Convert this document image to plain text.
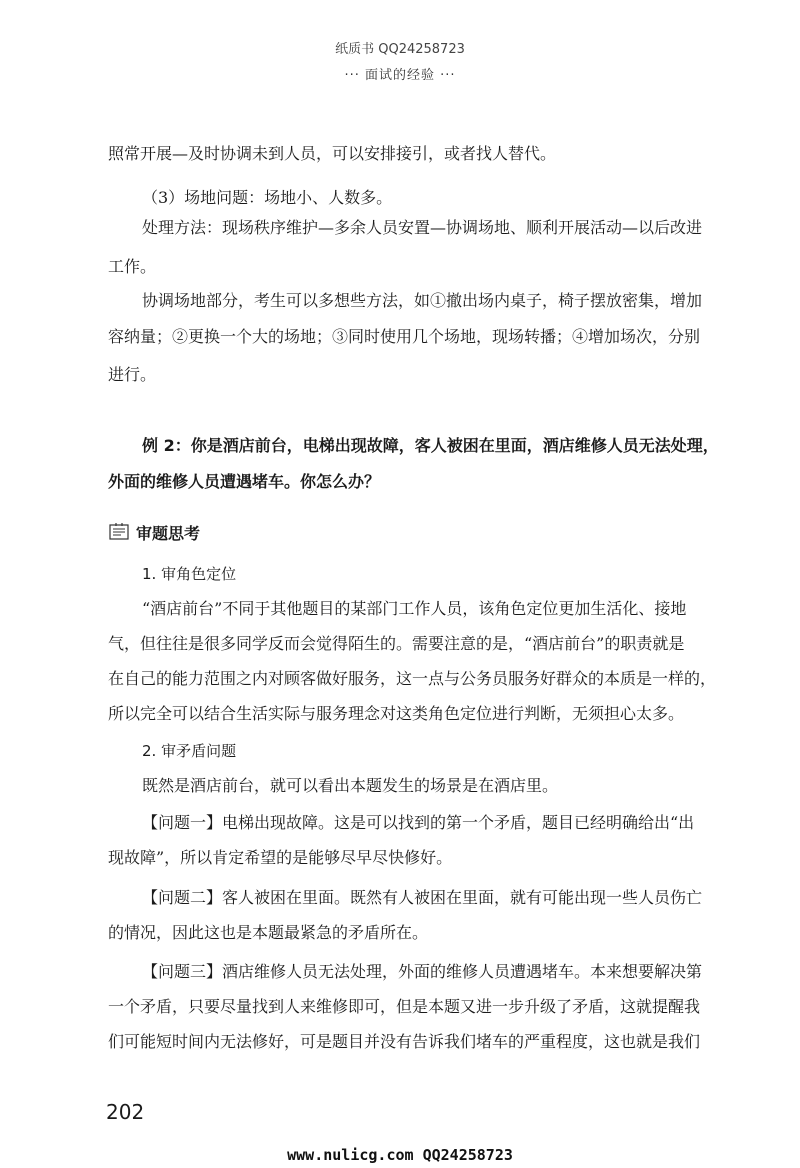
纸质书 QQ24258723
··· 面试的经验 ···
照常开展—及时协调未到人员，可以安排接引，或者找人替代。
（3）场地问题：场地小、人数多。
处理方法：现场秩序维护—多余人员安置—协调场地、顺利开展活动—以后改进
工作。
协调场地部分，考生可以多想些方法，如①撤出场内桌子，椅子摆放密集，增加
容纳量；②更换一个大的场地；③同时使用几个场地，现场转播；④增加场次，分别
进行。
例 2：你是酒店前台，电梯出现故障，客人被困在里面，酒店维修人员无法处理，
外面的维修人员遭遇堵车。你怎么办？
审题思考
1. 审角色定位
“酒店前台”不同于其他题目的某部门工作人员，该角色定位更加生活化、接地
气，但往往是很多同学反而会觉得陌生的。需要注意的是，“酒店前台”的职责就是
在自己的能力范围之内对顾客做好服务，这一点与公务员服务好群众的本质是一样的，
所以完全可以结合生活实际与服务理念对这类角色定位进行判断，无须担心太多。
2. 审矛盾问题
既然是酒店前台，就可以看出本题发生的场景是在酒店里。
【问题一】电梯出现故障。这是可以找到的第一个矛盾，题目已经明确给出“出
现故障”，所以肯定希望的是能够尽早尽快修好。
【问题二】客人被困在里面。既然有人被困在里面，就有可能出现一些人员伤亡
的情况，因此这也是本题最紧急的矛盾所在。
【问题三】酒店维修人员无法处理，外面的维修人员遭遇堵车。本来想要解决第
一个矛盾，只要尽量找到人来维修即可，但是本题又进一步升级了矛盾，这就提醒我
们可能短时间内无法修好，可是题目并没有告诉我们堵车的严重程度，这也就是我们
202
www.nulicg.com QQ24258723
